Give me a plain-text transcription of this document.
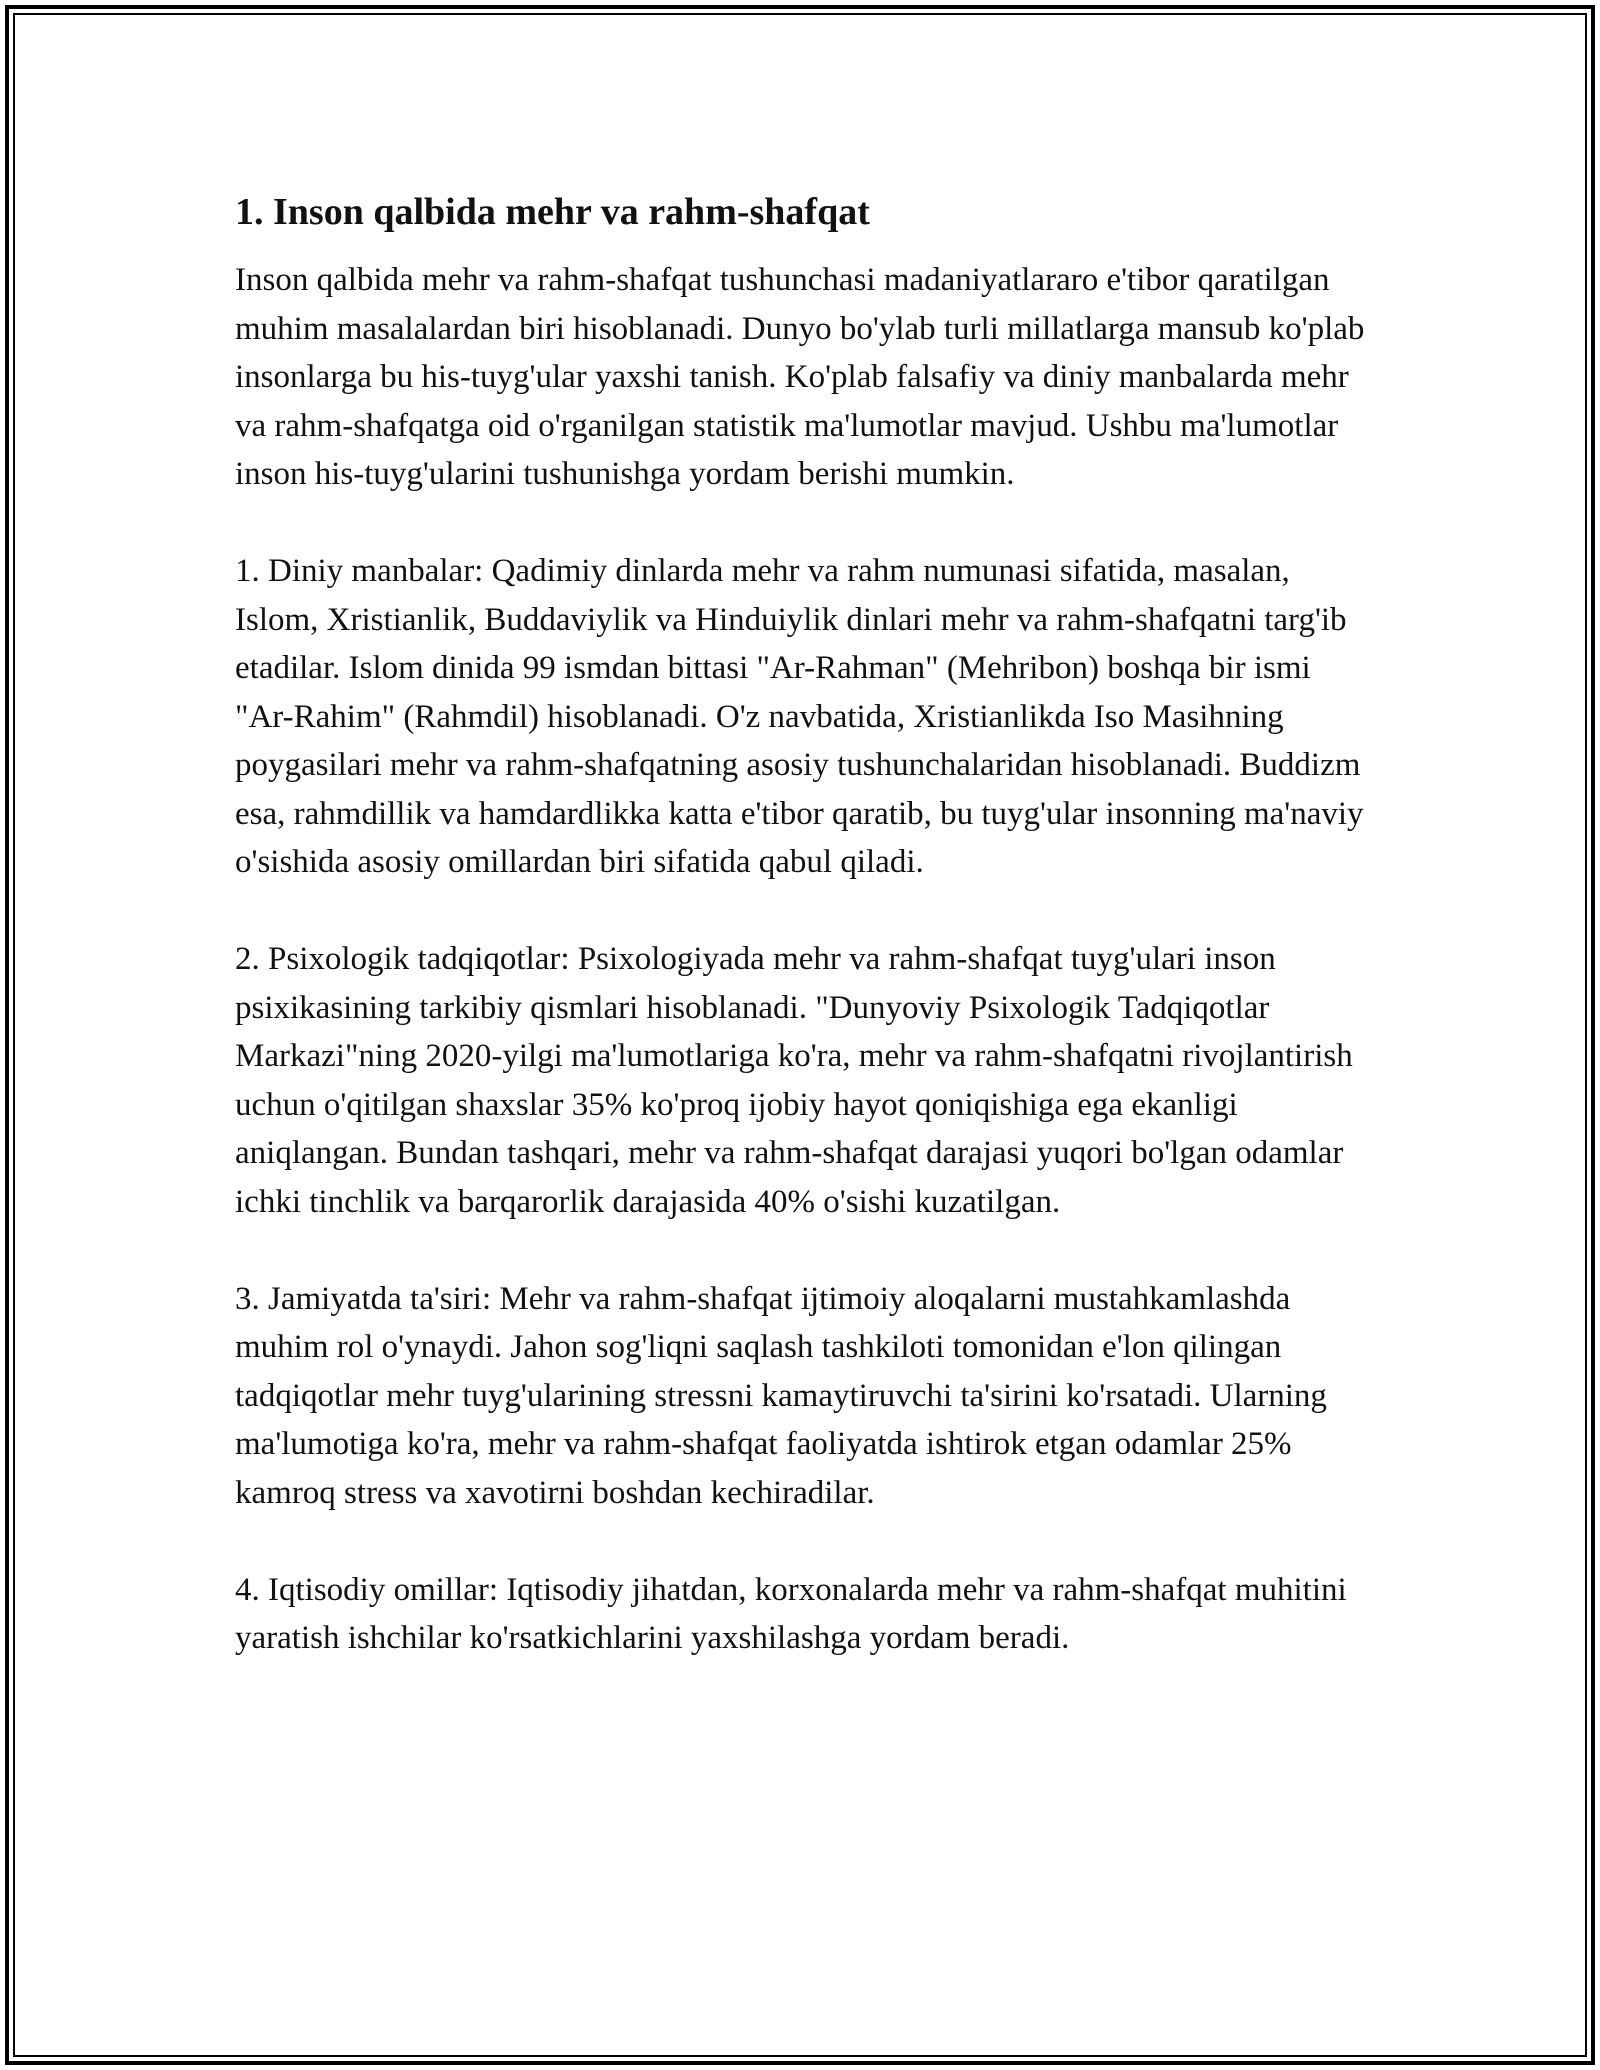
1. Inson qalbida mehr va rahm-shafqat

Inson qalbida mehr va rahm-shafqat tushunchasi madaniyatlararo e'tibor qaratilgan muhim masalalardan biri hisoblanadi. Dunyo bo'ylab turli millatlarga mansub ko'plab insonlarga bu his-tuyg'ular yaxshi tanish. Ko'plab falsafiy va diniy manbalarda mehr va rahm-shafqatga oid o'rganilgan statistik ma'lumotlar mavjud. Ushbu ma'lumotlar inson his-tuyg'ularini tushunishga yordam berishi mumkin.

1. Diniy manbalar: Qadimiy dinlarda mehr va rahm numunasi sifatida, masalan, Islom, Xristianlik, Buddaviylik va Hinduiylik dinlari mehr va rahm-shafqatni targ'ib etadilar. Islom dinida 99 ismdan bittasi "Ar-Rahman" (Mehribon) boshqa bir ismi "Ar-Rahim" (Rahmdil) hisoblanadi. O'z navbatida, Xristianlikda Iso Masihning poygasilari mehr va rahm-shafqatning asosiy tushunchalaridan hisoblanadi. Buddizm esa, rahmdillik va hamdardlikka katta e'tibor qaratib, bu tuyg'ular insonning ma'naviy o'sishida asosiy omillardan biri sifatida qabul qiladi.

2. Psixologik tadqiqotlar: Psixologiyada mehr va rahm-shafqat tuyg'ulari inson psixikasining tarkibiy qismlari hisoblanadi. "Dunyoviy Psixologik Tadqiqotlar Markazi"ning 2020-yilgi ma'lumotlariga ko'ra, mehr va rahm-shafqatni rivojlantirish uchun o'qitilgan shaxslar 35% ko'proq ijobiy hayot qoniqishiga ega ekanligi aniqlangan. Bundan tashqari, mehr va rahm-shafqat darajasi yuqori bo'lgan odamlar ichki tinchlik va barqarorlik darajasida 40% o'sishi kuzatilgan.

3. Jamiyatda ta'siri: Mehr va rahm-shafqat ijtimoiy aloqalarni mustahkamlashda muhim rol o'ynaydi. Jahon sog'liqni saqlash tashkiloti tomonidan e'lon qilingan tadqiqotlar mehr tuyg'ularining stressni kamaytiruvchi ta'sirini ko'rsatadi. Ularning ma'lumotiga ko'ra, mehr va rahm-shafqat faoliyatda ishtirok etgan odamlar 25% kamroq stress va xavotirni boshdan kechiradilar.

4. Iqtisodiy omillar: Iqtisodiy jihatdan, korxonalarda mehr va rahm-shafqat muhitini yaratish ishchilar ko'rsatkichlarini yaxshilashga yordam beradi.
